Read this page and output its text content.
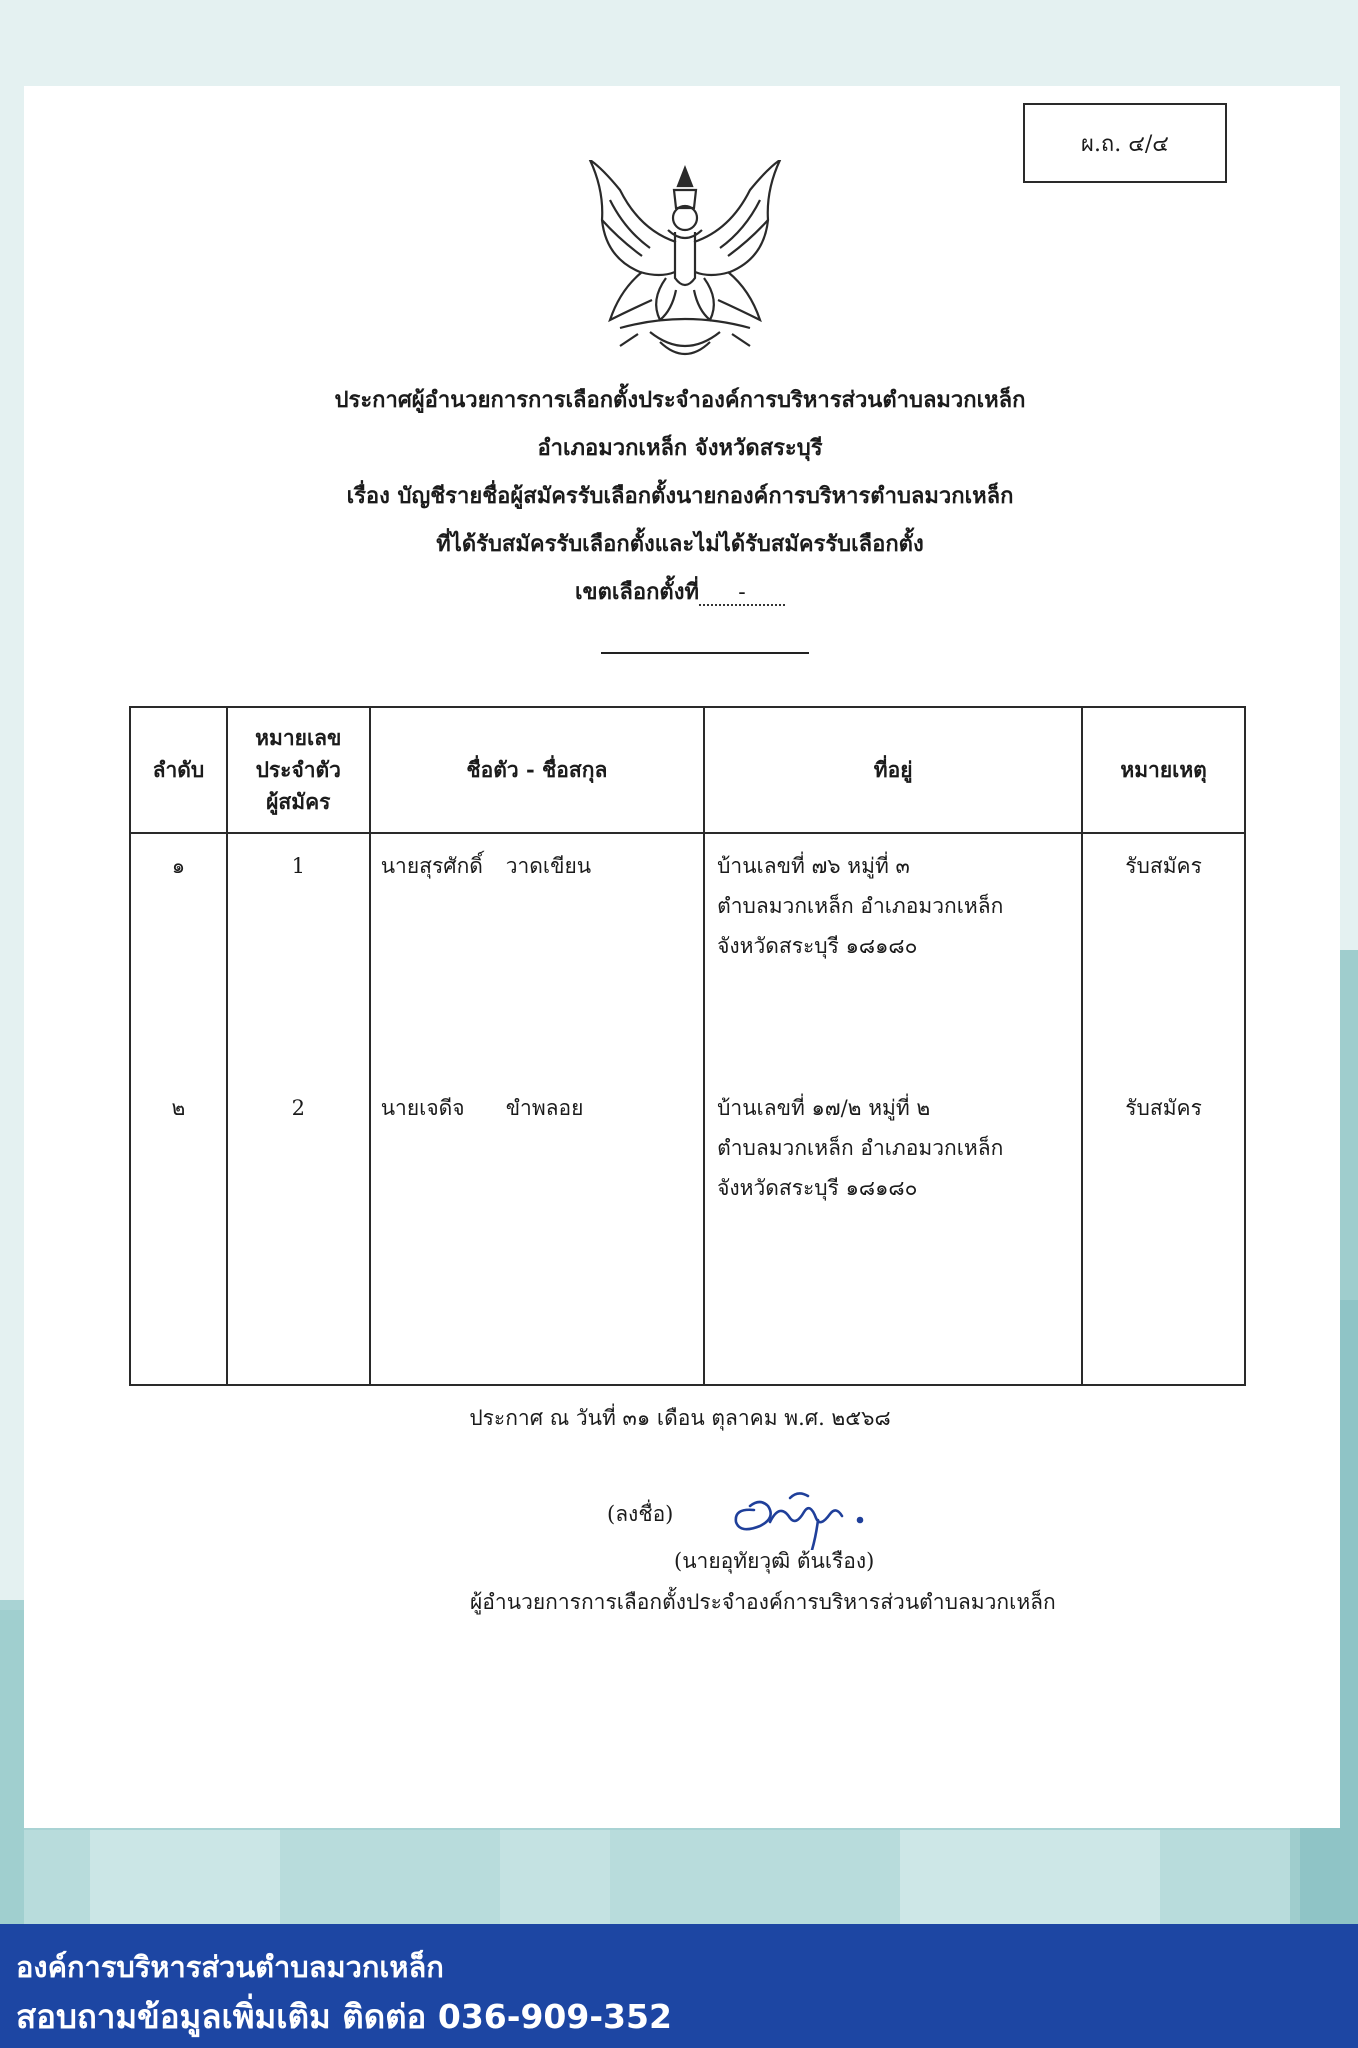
ผ.ถ. ๔/๔
ประกาศผู้อำนวยการการเลือกตั้งประจำองค์การบริหารส่วนตำบลมวกเหล็ก
อำเภอมวกเหล็ก จังหวัดสระบุรี
เรื่อง บัญชีรายชื่อผู้สมัครรับเลือกตั้งนายกองค์การบริหารตำบลมวกเหล็ก
ที่ได้รับสมัครรับเลือกตั้งและไม่ได้รับสมัครรับเลือกตั้ง
เขตเลือกตั้งที่ -
ลำดับ	หมายเลข
ประจำตัว
ผู้สมัคร	ชื่อตัว - ชื่อสกุล	ที่อยู่	หมายเหตุ
๑	1	นายสุรศักดิ์ วาดเขียน	บ้านเลขที่ ๗๖ หมู่ที่ ๓
ตำบลมวกเหล็ก อำเภอมวกเหล็ก
จังหวัดสระบุรี ๑๘๑๘๐	รับสมัคร
๒	2	นายเจดีจ ขำพลอย	บ้านเลขที่ ๑๗/๒ หมู่ที่ ๒
ตำบลมวกเหล็ก อำเภอมวกเหล็ก
จังหวัดสระบุรี ๑๘๑๘๐	รับสมัคร
ประกาศ ณ วันที่ ๓๑ เดือน ตุลาคม พ.ศ. ๒๕๖๘
(ลงชื่อ)
(นายอุทัยวุฒิ ต้นเรือง)
ผู้อำนวยการการเลือกตั้งประจำองค์การบริหารส่วนตำบลมวกเหล็ก
องค์การบริหารส่วนตำบลมวกเหล็ก
สอบถามข้อมูลเพิ่มเติม ติดต่อ 036-909-352
